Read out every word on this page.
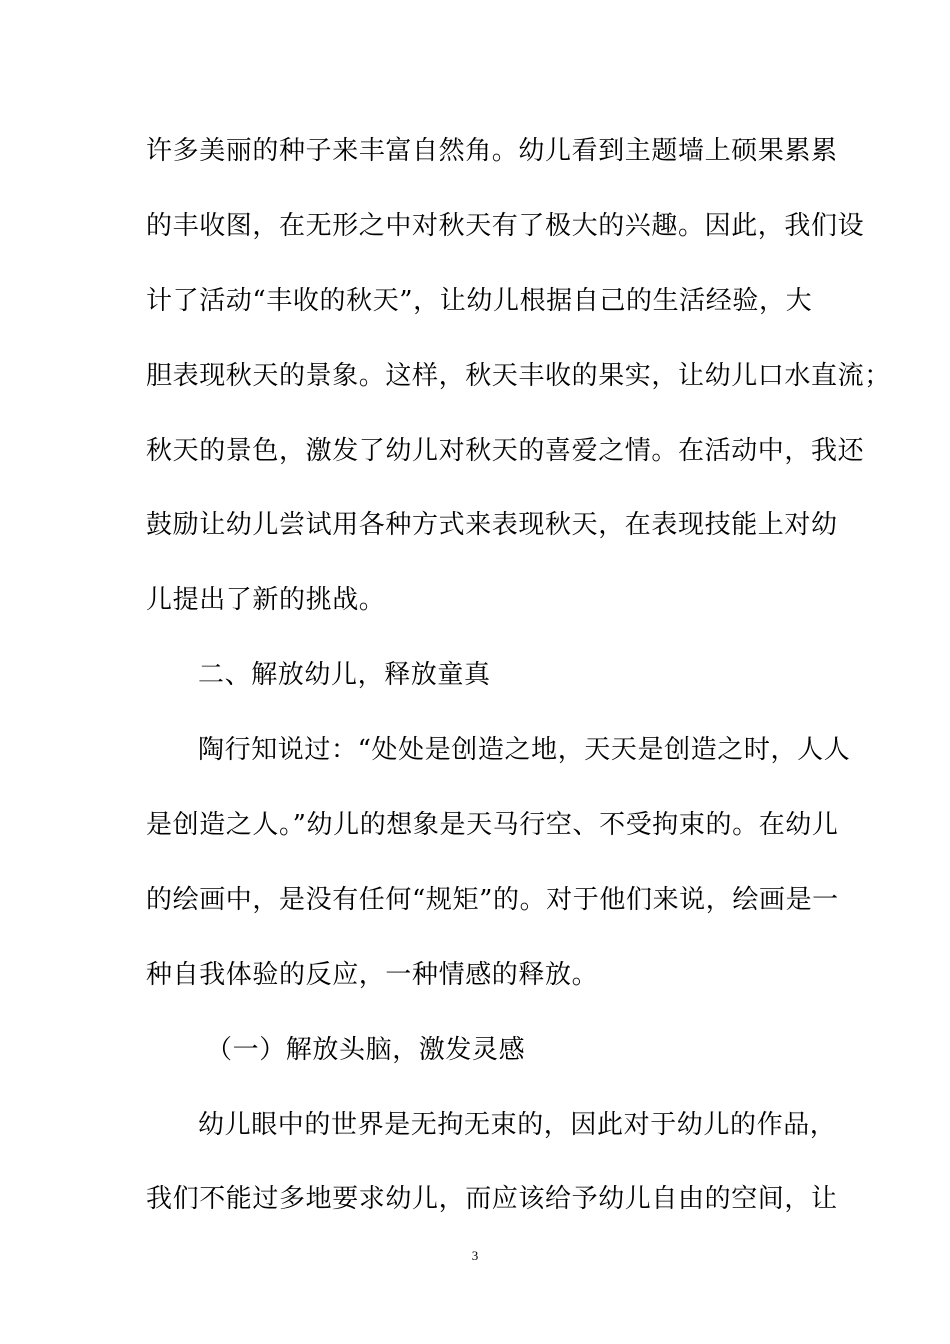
许多美丽的种子来丰富自然角。幼儿看到主题墙上硕果累累
的丰收图，在无形之中对秋天有了极大的兴趣。因此，我们设
计了活动“丰收的秋天”，让幼儿根据自己的生活经验，大
胆表现秋天的景象。这样，秋天丰收的果实，让幼儿口水直流；
秋天的景色，激发了幼儿对秋天的喜爱之情。在活动中，我还
鼓励让幼儿尝试用各种方式来表现秋天，在表现技能上对幼
儿提出了新的挑战。
二、解放幼儿，释放童真
陶行知说过：“处处是创造之地，天天是创造之时，人人
是创造之人。”幼儿的想象是天马行空、不受拘束的。在幼儿
的绘画中，是没有任何“规矩”的。对于他们来说，绘画是一
种自我体验的反应，一种情感的释放。
（一）解放头脑，激发灵感
幼儿眼中的世界是无拘无束的，因此对于幼儿的作品，
我们不能过多地要求幼儿，而应该给予幼儿自由的空间，让
3
